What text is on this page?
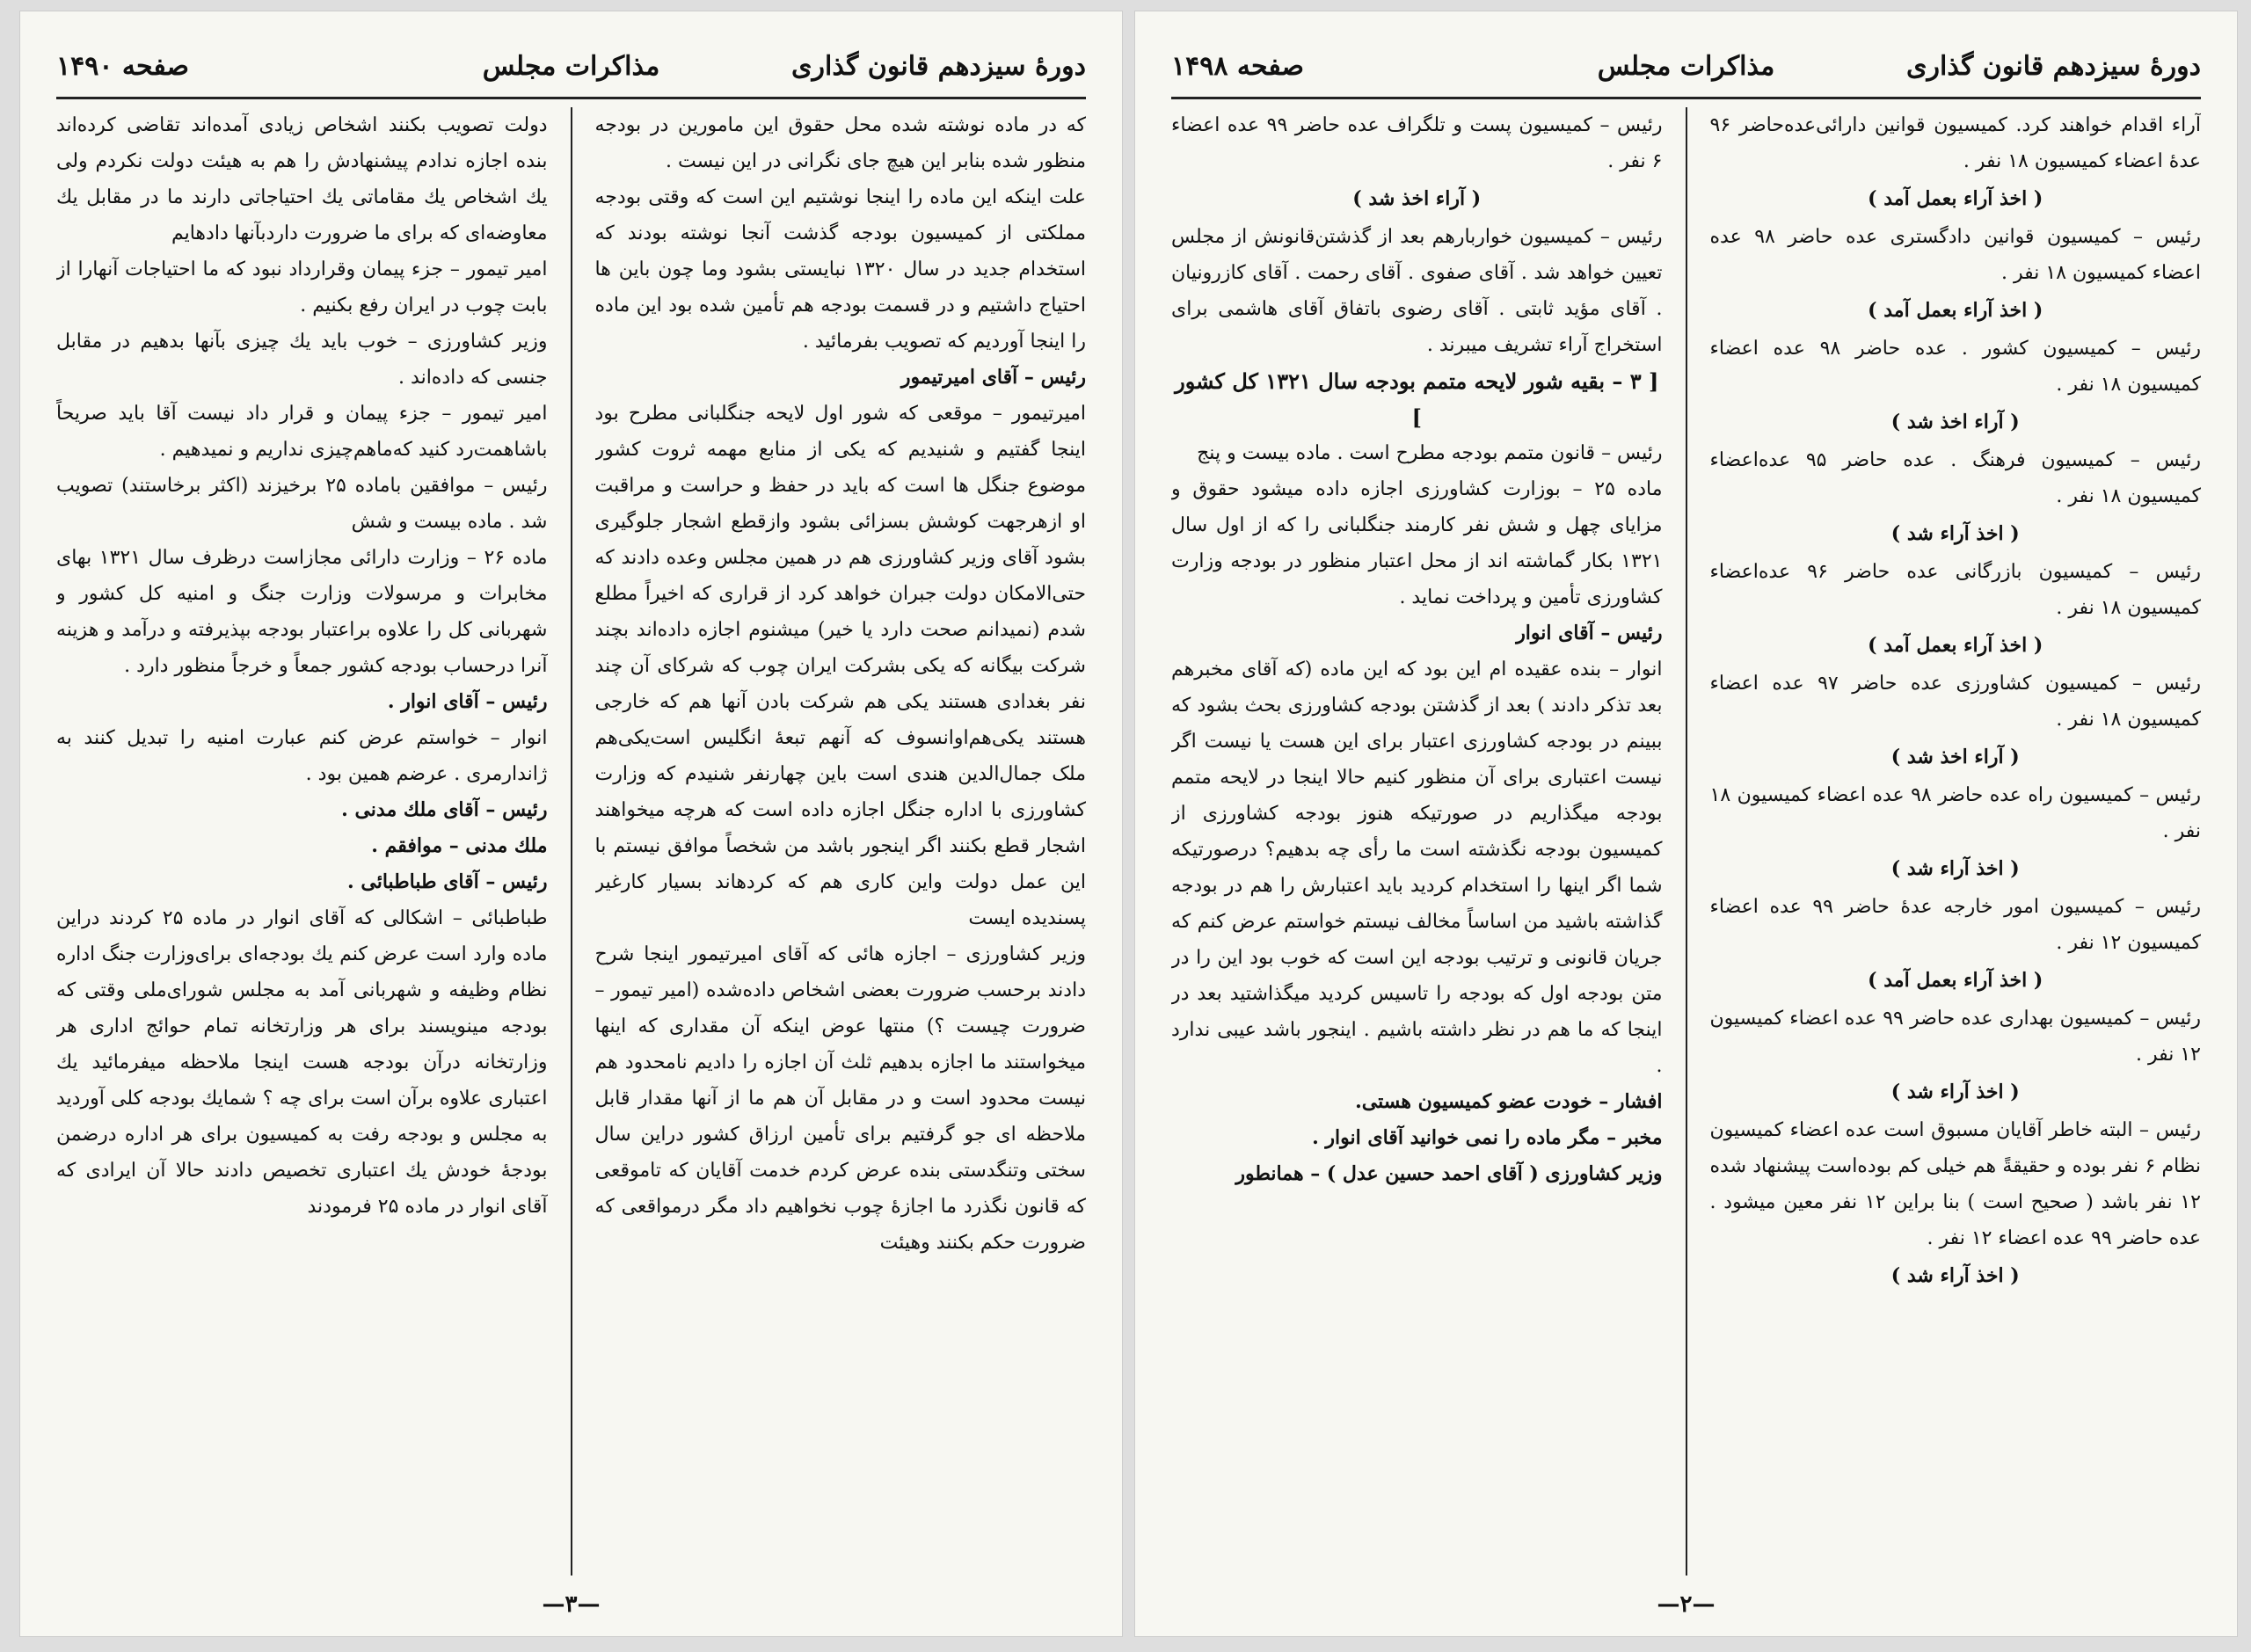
دورهٔ سیزدهم قانون گذاری
مذاکرات مجلس
صفحه ۱۴۹۰

که در ماده نوشته شده محل حقوق این مامورین در بودجه منظور شده بنابر این هیچ جای نگرانی در این نیست .

علت اینکه این ماده را اینجا نوشتیم این است که وقتی بودجه مملکتی از کمیسیون بودجه گذشت آنجا نوشته بودند که استخدام جدید در سال ۱۳۲۰ نبایستی بشود وما چون باین ها احتیاج داشتیم و در قسمت بودجه هم تأمین شده بود این ماده را اینجا آوردیم که تصویب بفرمائید .

رئیس – آقای امیرتیمور

امیرتیمور – موقعی که شور اول لایحه جنگلبانی مطرح بود اینجا گفتیم و شنیدیم که یکی از منابع مهمه ثروت کشور موضوع جنگل ها است که باید در حفظ و حراست و مراقبت او ازهرجهت کوشش بسزائی بشود وازقطع اشجار جلوگیری بشود آقای وزیر کشاورزی هم در همین مجلس وعده دادند که حتی‌الامکان دولت جبران خواهد کرد از قراری که اخیراً مطلع شدم (نمیدانم صحت دارد یا خیر) میشنوم اجازه داده‌اند بچند شرکت بیگانه که یکی بشرکت ایران چوب که شرکای آن چند نفر بغدادی هستند یکی هم شرکت بادن آنها هم که خارجی هستند یکی‌هم‌اوانسوف که آنهم تبعهٔ انگلیس است‌یکی‌هم ملک جمال‌الدین هندی است باین چهارنفر شنیدم که وزارت کشاورزی با اداره جنگل اجازه داده است که هرچه میخواهند اشجار قطع بکنند اگر اینجور باشد من شخصاً موافق نیستم با این عمل دولت واین کاری هم که کردهاند بسیار کارغیر پسندیده ایست

وزیر کشاورزی – اجازه هائی که آقای امیرتیمور اینجا شرح دادند برحسب ضرورت بعضی اشخاص داده‌شده (امیر تیمور – ضرورت چیست ؟) منتها عوض اینکه آن مقداری که اینها میخواستند ما اجازه بدهیم ثلث آن اجازه را دادیم نامحدود هم نیست محدود است و در مقابل آن هم ما از آنها مقدار قابل ملاحظه ای جو گرفتیم برای تأمین ارزاق کشور دراین سال سختی وتنگدستی بنده عرض کردم خدمت آقایان که تاموقعی که قانون نگذرد ما اجازهٔ چوب نخواهیم داد مگر درمواقعی که ضرورت حکم بکنند وهیئت

دولت تصویب بکنند اشخاص زیادی آمده‌اند تقاضی کرده‌اند بنده اجازه ندادم پیشنهادش را هم به هیئت دولت نکردم ولی یك اشخاص یك مقاماتی یك احتیاجاتی دارند ما در مقابل یك معاوضه‌ای که برای ما ضرورت داردبآنها دادهایم

امیر تیمور – جزء پیمان وقرارداد نبود که ما احتیاجات آنهارا از بابت چوب در ایران رفع بکنیم .

وزیر کشاورزی – خوب باید یك چیزی بآنها بدهیم در مقابل جنسی که داده‌اند .

امیر تیمور – جزء پیمان و قرار داد نیست آقا باید صریحاً باشاهمت‌رد کنید که‌ماهم‌چیزی نداریم و نمیدهیم .

رئیس – موافقین باماده ۲۵ برخیزند (اکثر برخاستند) تصویب شد . ماده بیست و شش

ماده ۲۶ – وزارت دارائی مجازاست درظرف سال ۱۳۲۱ بهای مخابرات و مرسولات وزارت جنگ و امنیه کل کشور و شهربانی کل را علاوه براعتبار بودجه بپذیرفته و درآمد و هزینه آنرا درحساب بودجه کشور جمعاً و خرجاً منظور دارد .

رئیس – آقای انوار .

انوار – خواستم عرض کنم عبارت امنیه را تبدیل کنند به ژاندارمری . عرضم همین بود .

رئیس – آقای ملك مدنی .

ملك مدنی – موافقم .

رئیس – آقای طباطبائی .

طباطبائی – اشکالی که آقای انوار در ماده ۲۵ کردند دراین ماده وارد است عرض کنم یك بودجه‌ای برای‌وزارت جنگ اداره نظام وظیفه و شهربانی آمد به مجلس شورای‌ملی وقتی که بودجه مینویسند برای هر وزارتخانه تمام حوائج اداری هر وزارتخانه درآن بودجه هست اینجا ملاحظه میفرمائید یك اعتباری علاوه برآن است برای چه ؟ شمایك بودجه کلی آوردید به مجلس و بودجه رفت به کمیسیون برای هر اداره درضمن بودجهٔ خودش یك اعتباری تخصیص دادند حالا آن ایرادی که آقای انوار در ماده ۲۵ فرمودند

—۳—
دورهٔ سیزدهم قانون گذاری
مذاکرات مجلس
صفحه ۱۴۹۸

آراء اقدام خواهند کرد. کمیسیون قوانین دارائی‌عده‌حاضر ۹۶ عدهٔ اعضاء کمیسیون ۱۸ نفر .

( اخذ آراء بعمل آمد )

رئیس – کمیسیون قوانین دادگستری عده حاضر ۹۸ عده اعضاء کمیسیون ۱۸ نفر .

( اخذ آراء بعمل آمد )

رئیس – کمیسیون کشور . عده حاضر ۹۸ عده اعضاء کمیسیون ۱۸ نفر .

( آراء اخذ شد )

رئیس – کمیسیون فرهنگ . عده حاضر ۹۵ عده‌اعضاء کمیسیون ۱۸ نفر .

( اخذ آراء شد )

رئیس – کمیسیون بازرگانی عده حاضر ۹۶ عده‌اعضاء کمیسیون ۱۸ نفر .

( اخذ آراء بعمل آمد )

رئیس – کمیسیون کشاورزی عده حاضر ۹۷ عده اعضاء کمیسیون ۱۸ نفر .

( آراء اخذ شد )

رئیس – کمیسیون راه عده حاضر ۹۸ عده اعضاء کمیسیون ۱۸ نفر .

( اخذ آراء شد )

رئیس – کمیسیون امور خارجه عدهٔ حاضر ۹۹ عده اعضاء کمیسیون ۱۲ نفر .

( اخذ آراء بعمل آمد )

رئیس – کمیسیون بهداری عده حاضر ۹۹ عده اعضاء کمیسیون ۱۲ نفر .

( اخذ آراء شد )

رئیس – البته خاطر آقایان مسبوق است عده اعضاء کمیسیون نظام ۶ نفر بوده و حقیقةً هم خیلی کم بوده‌است پیشنهاد شده ۱۲ نفر باشد ( صحیح است ) بنا براین ۱۲ نفر معین میشود . عده حاضر ۹۹ عده اعضاء ۱۲ نفر .

( اخذ آراء شد )

رئیس – کمیسیون پست و تلگراف عده حاضر ۹۹ عده اعضاء ۶ نفر .

( آراء اخذ شد )

رئیس – کمیسیون خواربارهم بعد از گذشتن‌قانونش از مجلس تعیین خواهد شد . آقای صفوی . آقای رحمت . آقای کازرونیان . آقای مؤید ثابتی . آقای رضوی باتفاق آقای هاشمی برای استخراج آراء تشریف میبرند .

[ ۳ – بقیه شور لایحه متمم بودجه سال ۱۳۲۱ کل کشور ]

رئیس – قانون متمم بودجه مطرح است . ماده بیست و پنج

ماده ۲۵ – بوزارت کشاورزی اجازه داده میشود حقوق و مزایای چهل و شش نفر کارمند جنگلبانی را که از اول سال ۱۳۲۱ بکار گماشته اند از محل اعتبار منظور در بودجه وزارت کشاورزی تأمین و پرداخت نماید .

رئیس – آقای انوار

انوار – بنده عقیده ام این بود که این ماده (که آقای مخبرهم بعد تذکر دادند ) بعد از گذشتن بودجه کشاورزی بحث بشود که ببینم در بودجه کشاورزی اعتبار برای این هست یا نیست اگر نیست اعتباری برای آن منظور کنیم حالا اینجا در لایحه متمم بودجه میگذاریم در صورتیکه هنوز بودجه کشاورزی از کمیسیون بودجه نگذشته است ما رأی چه بدهیم؟ درصورتیکه شما اگر اینها را استخدام کردید باید اعتبارش را هم در بودجه گذاشته باشید من اساساً مخالف نیستم خواستم عرض کنم که جریان قانونی و ترتیب بودجه این است که خوب بود این را در متن بودجه اول که بودجه را تاسیس کردید میگذاشتید بعد در اینجا که ما هم در نظر داشته باشیم . اینجور باشد عیبی ندارد .

افشار – خودت عضو کمیسیون هستی.

مخبر – مگر ماده را نمی خوانید آقای انوار .

وزیر کشاورزی ( آقای احمد حسین عدل ) – همانطور

—۲—
